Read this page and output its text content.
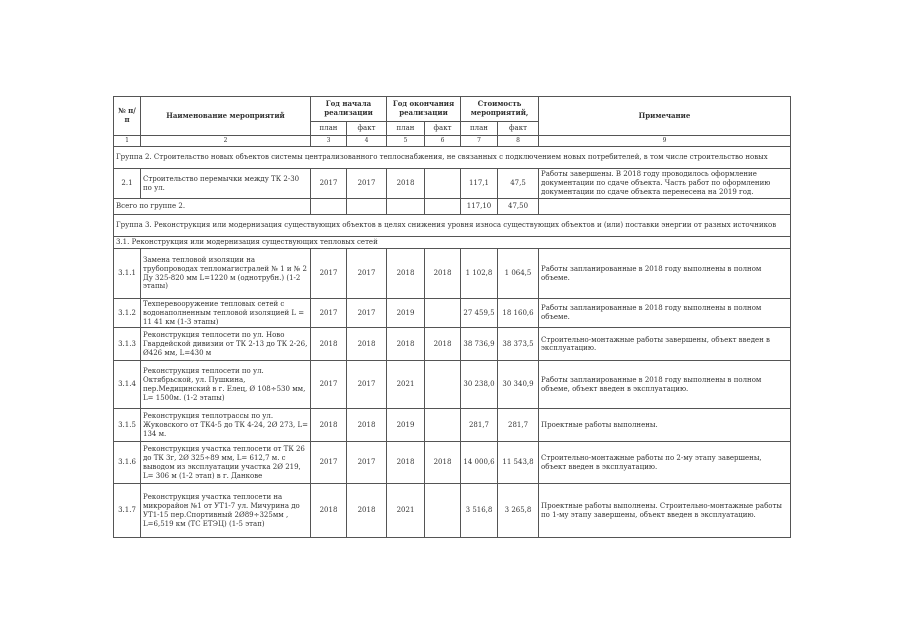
№ п/п	Наименование мероприятий	Год начала реализации		Год окончания реализации		Стоимость мероприятий,		Примечание
		план	факт	план	факт	план	факт	
1	2	3	4	5	6	7	8	9
Группа 2. Строительство новых объектов системы централизованного теплоснабжения, не связанных с подключением новых потребителей, в том числе строительство новых								
2.1	Строительство перемычки между ТК 2-30 по ул.	2017	2017	2018		117,1	47,5	Работы завершены. В 2018 году проводилось оформление документации по сдаче объекта. Часть работ по оформлению документации по сдаче объекта перенесена на 2019 год.
Всего по группе 2.						117,10	47,50	
Группа 3. Реконструкция или модернизация существующих объектов в целях снижения уровня износа существующих объектов и (или) поставки энергии от разных источников								
3.1. Реконструкция или модернизация существующих тепловых сетей								
3.1.1	Замена тепловой изоляции на трубопроводах тепломагистралей № 1 и № 2 Ду 325-820 мм L=1220 м (однотрубн.) (1-2 этапы)	2017	2017	2018	2018	1 102,8	1 064,5	Работы запланированные в 2018 году выполнены в полном объеме.
3.1.2	Техперевооружение тепловых сетей с водонаполненным тепловой изоляцией L = 11 41 км (1-3 этапы)	2017	2017	2019		27 459,5	18 160,6	Работы запланированные в 2018 году выполнены в полном объеме.
3.1.3	Реконструкция теплосети по ул. Ново Гвардейской дивизии от ТК 2-13 до ТК 2-26, Ø426 мм, L=430 м	2018	2018	2018	2018	38 736,9	38 373,5	Строительно-монтажные работы завершены, объект введен в эксплуатацию.
3.1.4	Реконструкция теплосети по ул. Октябрьской, ул. Пушкина, пер.Медицинский в г. Елец, Ø 108÷530 мм, L= 1500м. (1-2 этапы)	2017	2017	2021		30 238,0	30 340,9	Работы запланированные в 2018 году выполнены в полном объеме, объект введен в эксплуатацию.
3.1.5	Реконструкция теплотрассы по ул. Жуковского от ТК4-5 до ТК 4-24, 2Ø 273, L= 134 м.	2018	2018	2019		281,7	281,7	Проектные работы выполнены.
3.1.6	Реконструкция участка теплосети от ТК 26 до ТК 3г, 2Ø 325÷89 мм, L= 612,7 м. с выводом из эксплуатации участка 2Ø 219, L= 306 м (1-2 этап) в г. Данкове	2017	2017	2018	2018	14 000,6	11 543,8	Строительно-монтажные работы по 2-му этапу завершены, объект введен в эксплуатацию.
3.1.7	Реконструкция участка теплосети на микрорайон №1 от УТ1-7 ул. Мичурина до УТ1-15 пер.Спортивный 2Ø89÷325мм , L=6,519 км (ТС ЕТЭЦ) (1-5 этап)	2018	2018	2021		3 516,8	3 265,8	Проектные работы выполнены. Строительно-монтажные работы по 1-му этапу завершены, объект введен в эксплуатацию.
